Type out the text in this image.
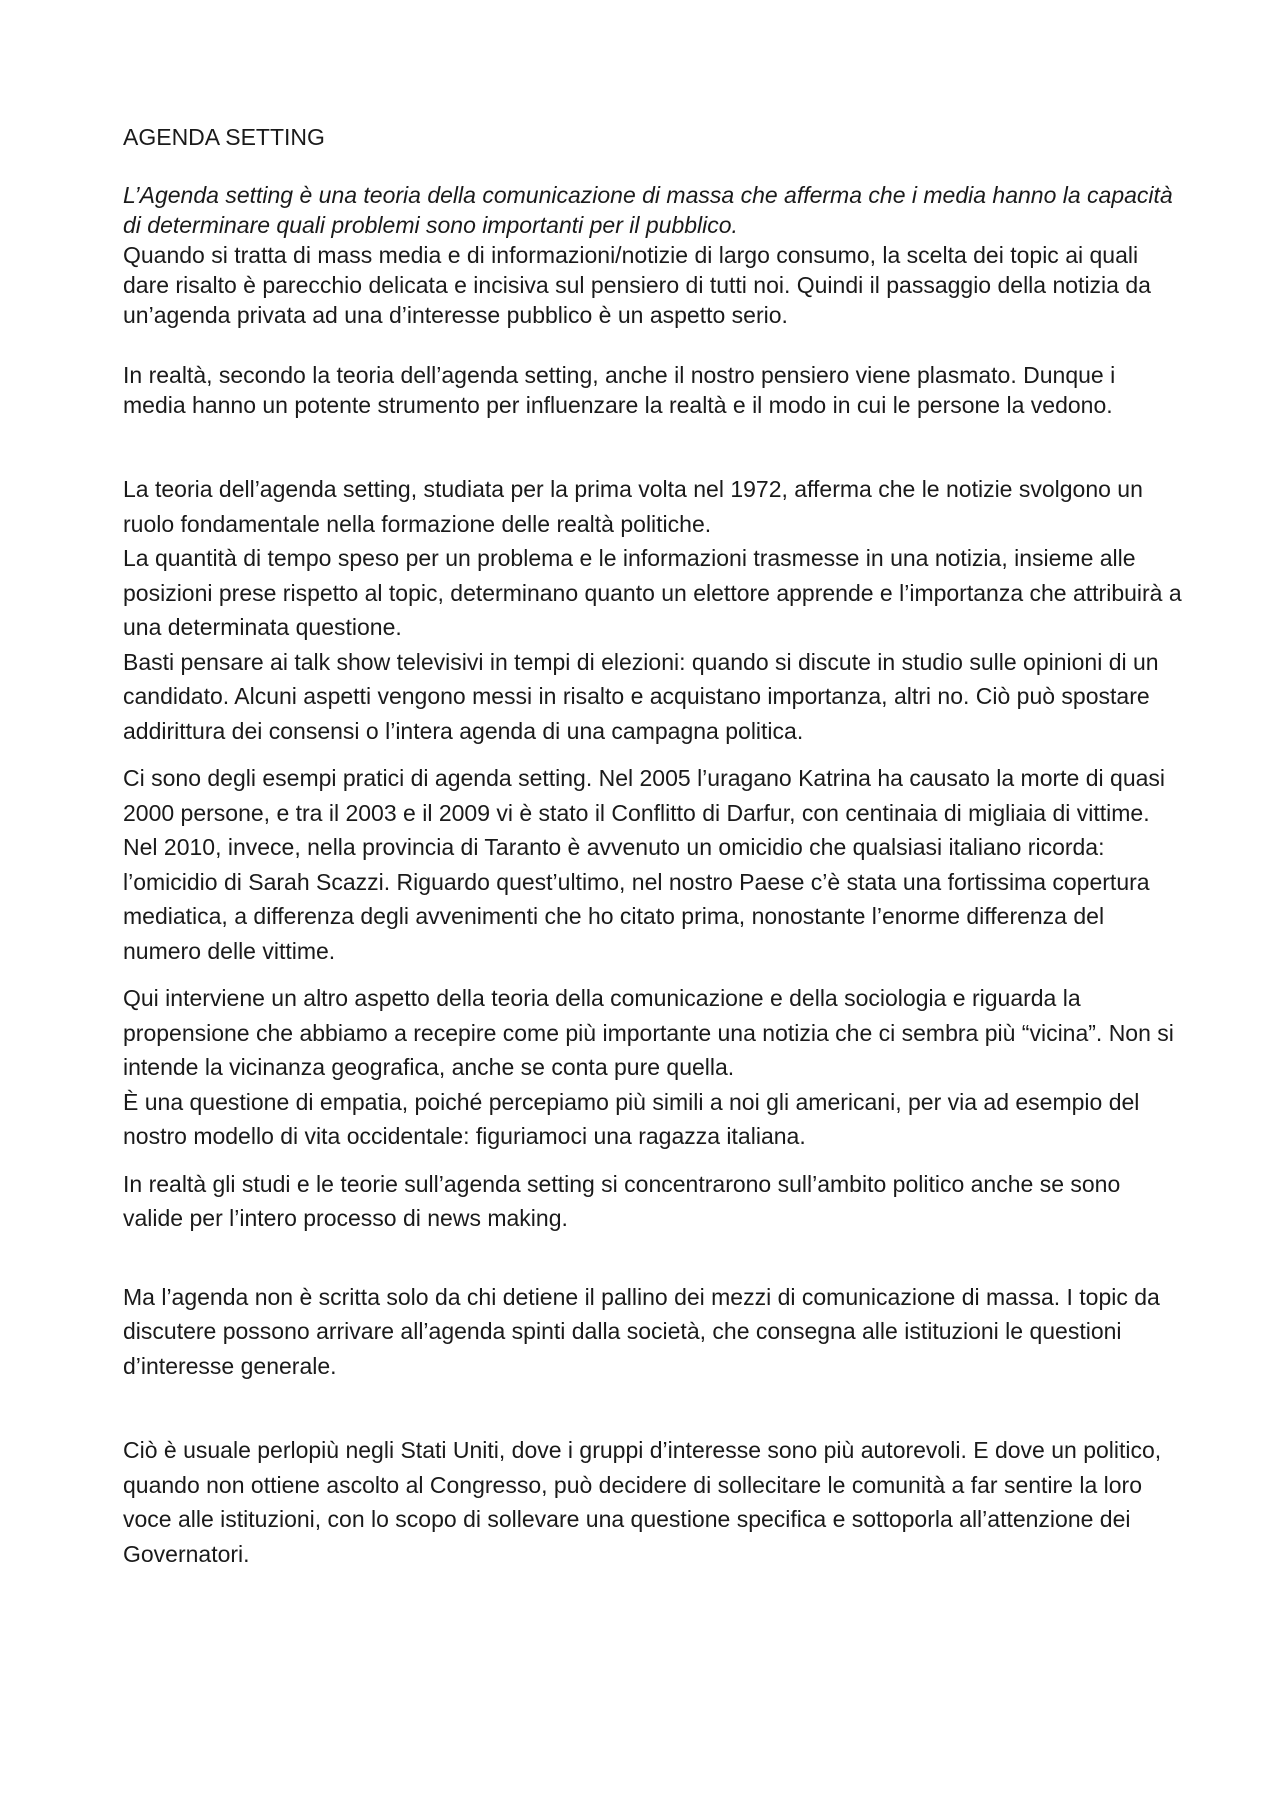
AGENDA SETTING

L’Agenda setting è una teoria della comunicazione di massa che afferma che i media hanno la capacità di determinare quali problemi sono importanti per il pubblico.

Quando si tratta di mass media e di informazioni/notizie di largo consumo, la scelta dei topic ai quali dare risalto è parecchio delicata e incisiva sul pensiero di tutti noi. Quindi il passaggio della notizia da un’agenda privata ad una d’interesse pubblico è un aspetto serio.

In realtà, secondo la teoria dell’agenda setting, anche il nostro pensiero viene plasmato. Dunque i media hanno un potente strumento per influenzare la realtà e il modo in cui le persone la vedono.

La teoria dell’agenda setting, studiata per la prima volta nel 1972, afferma che le notizie svolgono un ruolo fondamentale nella formazione delle realtà politiche.

La quantità di tempo speso per un problema e le informazioni trasmesse in una notizia, insieme alle posizioni prese rispetto al topic, determinano quanto un elettore apprende e l’importanza che attribuirà a una determinata questione.

Basti pensare ai talk show televisivi in tempi di elezioni: quando si discute in studio sulle opinioni di un candidato. Alcuni aspetti vengono messi in risalto e acquistano importanza, altri no. Ciò può spostare addirittura dei consensi o l’intera agenda di una campagna politica.

Ci sono degli esempi pratici di agenda setting. Nel 2005 l’uragano Katrina ha causato la morte di quasi 2000 persone, e tra il 2003 e il 2009 vi è stato il Conflitto di Darfur, con centinaia di migliaia di vittime. Nel 2010, invece, nella provincia di Taranto è avvenuto un omicidio che qualsiasi italiano ricorda: l’omicidio di Sarah Scazzi. Riguardo quest’ultimo, nel nostro Paese c’è stata una fortissima copertura mediatica, a differenza degli avvenimenti che ho citato prima, nonostante l’enorme differenza del numero delle vittime.

Qui interviene un altro aspetto della teoria della comunicazione e della sociologia e riguarda la propensione che abbiamo a recepire come più importante una notizia che ci sembra più “vicina”. Non si intende la vicinanza geografica, anche se conta pure quella.

È una questione di empatia, poiché percepiamo più simili a noi gli americani, per via ad esempio del nostro modello di vita occidentale: figuriamoci una ragazza italiana.

In realtà gli studi e le teorie sull’agenda setting si concentrarono sull’ambito politico anche se sono valide per l’intero processo di news making.

Ma l’agenda non è scritta solo da chi detiene il pallino dei mezzi di comunicazione di massa. I topic da discutere possono arrivare all’agenda spinti dalla società, che consegna alle istituzioni le questioni d’interesse generale.

Ciò è usuale perlopiù negli Stati Uniti, dove i gruppi d’interesse sono più autorevoli. E dove un politico, quando non ottiene ascolto al Congresso, può decidere di sollecitare le comunità a far sentire la loro voce alle istituzioni, con lo scopo di sollevare una questione specifica e sottoporla all’attenzione dei Governatori.
